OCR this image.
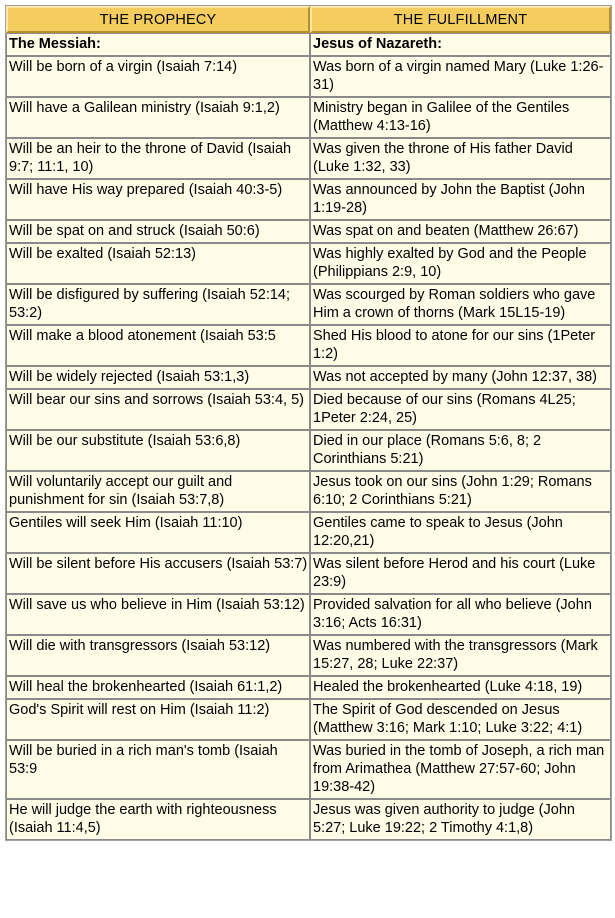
THE PROPHECY	THE FULFILLMENT
The Messiah:	Jesus of Nazareth:
Will be born of a virgin (Isaiah 7:14)	Was born of a virgin named Mary (Luke 1:26-31)
Will have a Galilean ministry (Isaiah 9:1,2)	Ministry began in Galilee of the Gentiles (Matthew 4:13-16)
Will be an heir to the throne of David (Isaiah 9:7; 11:1, 10)	Was given the throne of His father David (Luke 1:32, 33)
Will have His way prepared (Isaiah 40:3-5)	Was announced by John the Baptist (John 1:19-28)
Will be spat on and struck (Isaiah 50:6)	Was spat on and beaten (Matthew 26:67)
Will be exalted (Isaiah 52:13)	Was highly exalted by God and the People (Philippians 2:9, 10)
Will be disfigured by suffering (Isaiah 52:14; 53:2)	Was scourged by Roman soldiers who gave Him a crown of thorns (Mark 15L15-19)
Will make a blood atonement (Isaiah 53:5	Shed His blood to atone for our sins (1Peter 1:2)
Will be widely rejected (Isaiah 53:1,3)	Was not accepted by many (John 12:37, 38)
Will bear our sins and sorrows (Isaiah 53:4, 5)	Died because of our sins (Romans 4L25; 1Peter 2:24, 25)
Will be our substitute (Isaiah 53:6,8)	Died in our place (Romans 5:6, 8; 2 Corinthians 5:21)
Will voluntarily accept our guilt and punishment for sin (Isaiah 53:7,8)	Jesus took on our sins (John 1:29; Romans 6:10; 2 Corinthians 5:21)
Gentiles will seek Him (Isaiah 11:10)	Gentiles came to speak to Jesus (John 12:20,21)
Will be silent before His accusers (Isaiah 53:7)	Was silent before Herod and his court (Luke 23:9)
Will save us who believe in Him (Isaiah 53:12)	Provided salvation for all who believe (John 3:16; Acts 16:31)
Will die with transgressors (Isaiah 53:12)	Was numbered with the transgressors (Mark 15:27, 28; Luke 22:37)
Will heal the brokenhearted (Isaiah 61:1,2)	Healed the brokenhearted (Luke 4:18, 19)
God's Spirit will rest on Him (Isaiah 11:2)	The Spirit of God descended on Jesus (Matthew 3:16; Mark 1:10; Luke 3:22; 4:1)
Will be buried in a rich man's tomb (Isaiah 53:9	Was buried in the tomb of Joseph, a rich man from Arimathea (Matthew 27:57-60; John 19:38-42)
He will judge the earth with righteousness (Isaiah 11:4,5)	Jesus was given authority to judge (John 5:27; Luke 19:22; 2 Timothy 4:1,8)
